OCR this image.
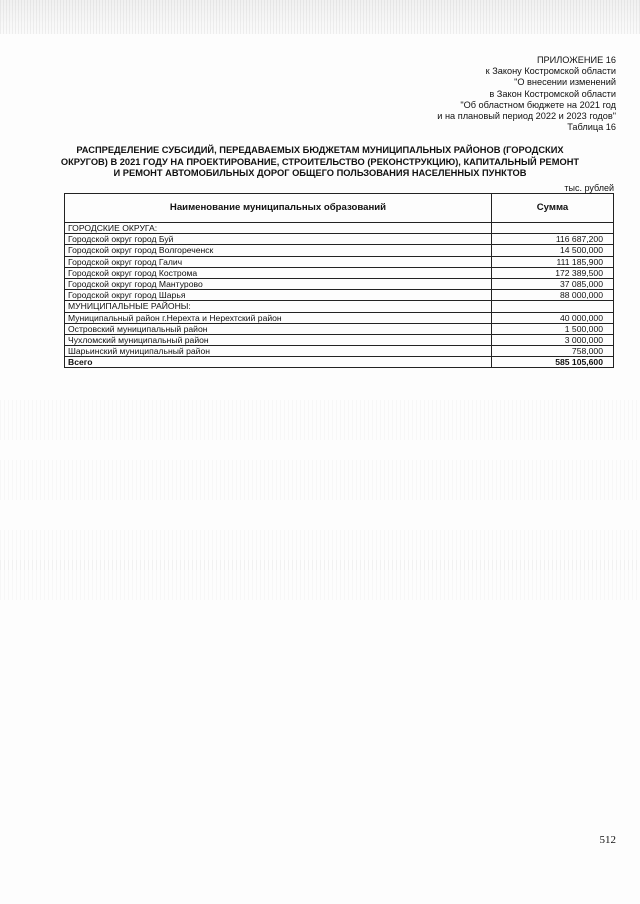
ПРИЛОЖЕНИЕ 16
к Закону Костромской области
"О внесении изменений
в Закон Костромской области
"Об областном бюджете на 2021 год
и на плановый период 2022 и 2023 годов"
Таблица 16
РАСПРЕДЕЛЕНИЕ СУБСИДИЙ, ПЕРЕДАВАЕМЫХ БЮДЖЕТАМ МУНИЦИПАЛЬНЫХ РАЙОНОВ (ГОРОДСКИХ
ОКРУГОВ) В 2021 ГОДУ НА ПРОЕКТИРОВАНИЕ, СТРОИТЕЛЬСТВО (РЕКОНСТРУКЦИЮ), КАПИТАЛЬНЫЙ РЕМОНТ
И РЕМОНТ АВТОМОБИЛЬНЫХ ДОРОГ ОБЩЕГО ПОЛЬЗОВАНИЯ НАСЕЛЕННЫХ ПУНКТОВ
тыс. рублей
Наименование муниципальных образований	Сумма
ГОРОДСКИЕ ОКРУГА:	
Городской округ город Буй	116 687,200
Городской округ город Волгореченск	14 500,000
Городской округ город Галич	111 185,900
Городской округ город Кострома	172 389,500
Городской округ город Мантурово	37 085,000
Городской округ город Шарья	88 000,000
МУНИЦИПАЛЬНЫЕ РАЙОНЫ:	
Муниципальный район г.Нерехта и Нерехтский район	40 000,000
Островский муниципальный район	1 500,000
Чухломский муниципальный район	3 000,000
Шарьинский муниципальный район	758,000
Всего	585 105,600
512
